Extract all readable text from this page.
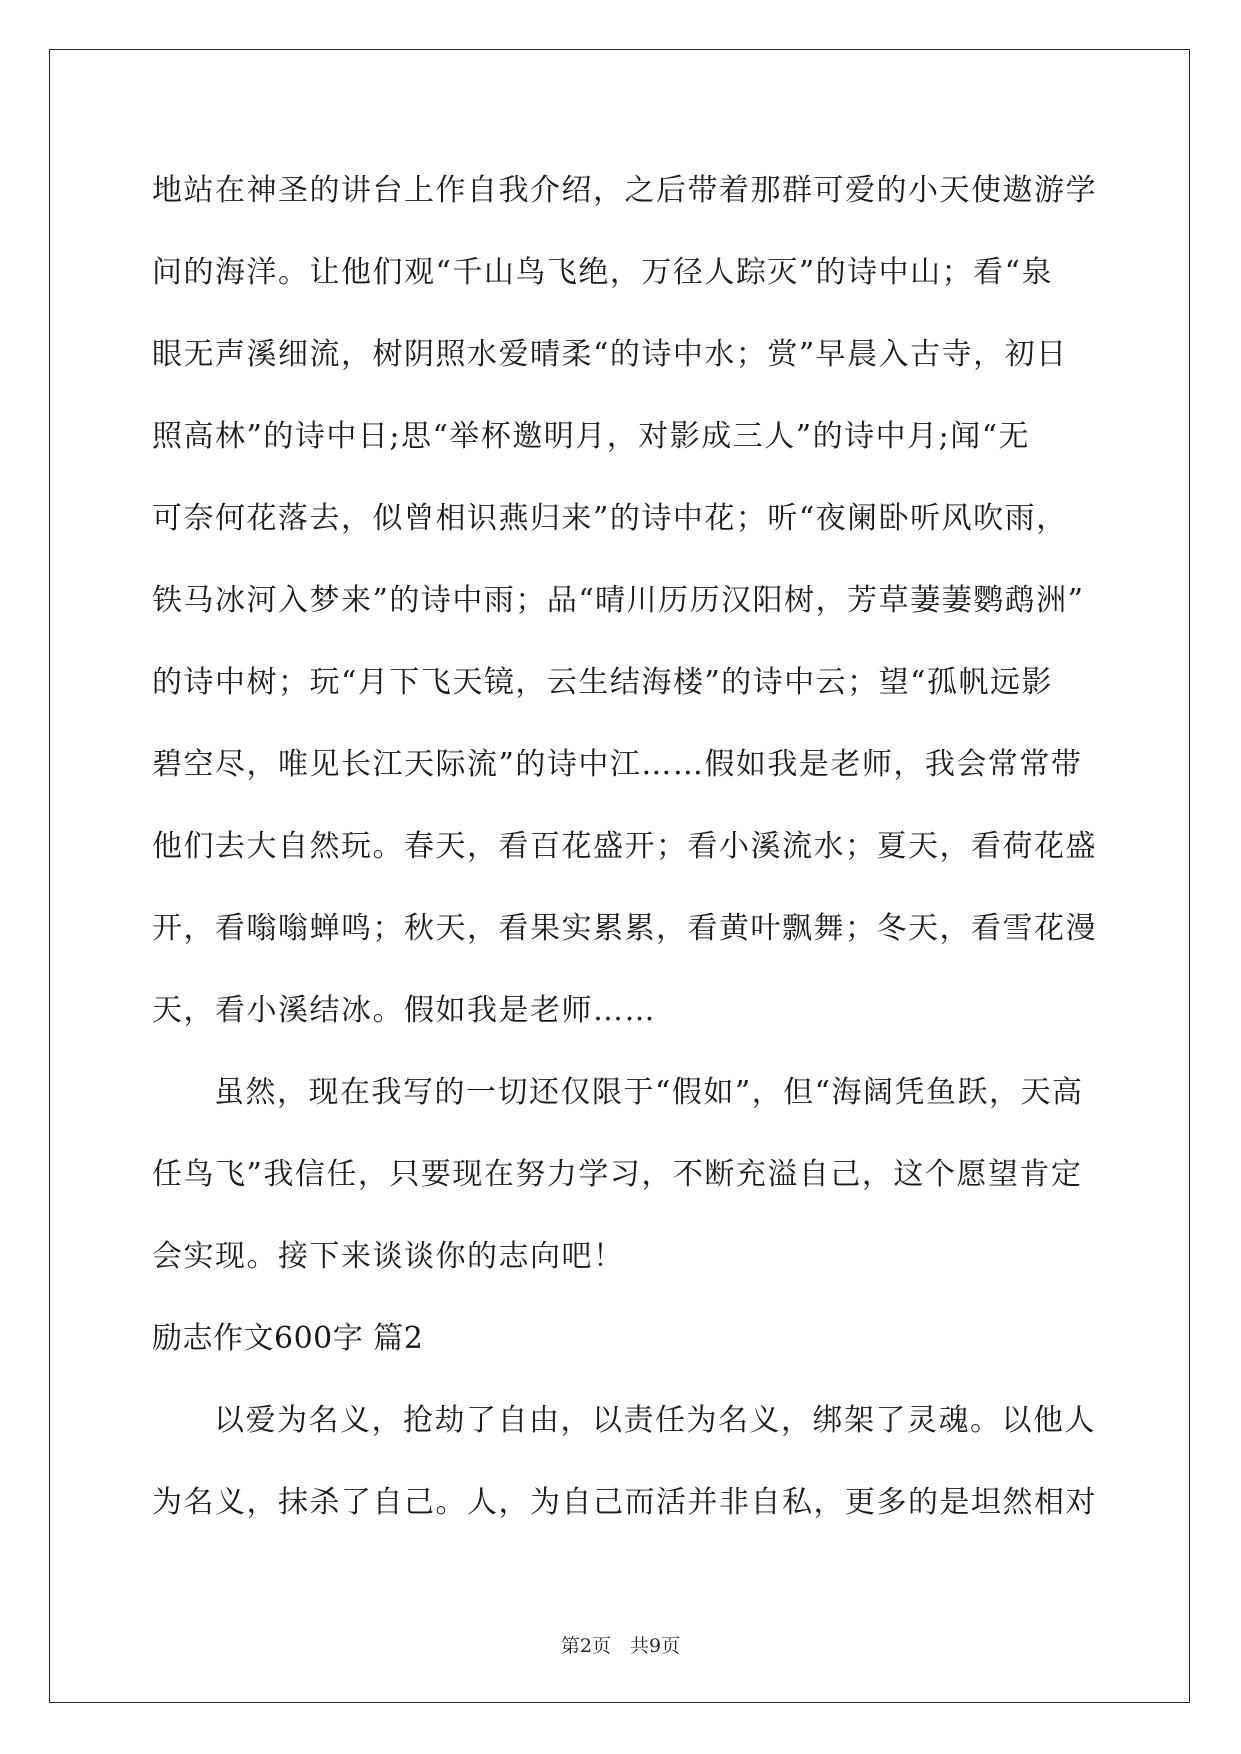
地站在神圣的讲台上作自我介绍，之后带着那群可爱的小天使遨游学
问的海洋。让他们观“千山鸟飞绝，万径人踪灭”的诗中山；看“泉
眼无声溪细流，树阴照水爱晴柔“的诗中水；赏”早晨入古寺，初日
照高林”的诗中日;思“举杯邀明月，对影成三人”的诗中月;闻“无
可奈何花落去，似曾相识燕归来”的诗中花；听“夜阑卧听风吹雨，
铁马冰河入梦来”的诗中雨；品“晴川历历汉阳树，芳草萋萋鹦鹉洲”
的诗中树；玩“月下飞天镜，云生结海楼”的诗中云；望“孤帆远影
碧空尽，唯见长江天际流”的诗中江……假如我是老师，我会常常带
他们去大自然玩。春天，看百花盛开；看小溪流水；夏天，看荷花盛
开，看嗡嗡蝉鸣；秋天，看果实累累，看黄叶飘舞；冬天，看雪花漫
天，看小溪结冰。假如我是老师……
虽然，现在我写的一切还仅限于“假如”，但“海阔凭鱼跃，天高
任鸟飞”我信任，只要现在努力学习，不断充溢自己，这个愿望肯定
会实现。接下来谈谈你的志向吧！
励志作文600字 篇2
以爱为名义，抢劫了自由，以责任为名义，绑架了灵魂。以他人
为名义，抹杀了自己。人，为自己而活并非自私，更多的是坦然相对
第2页　共9页
